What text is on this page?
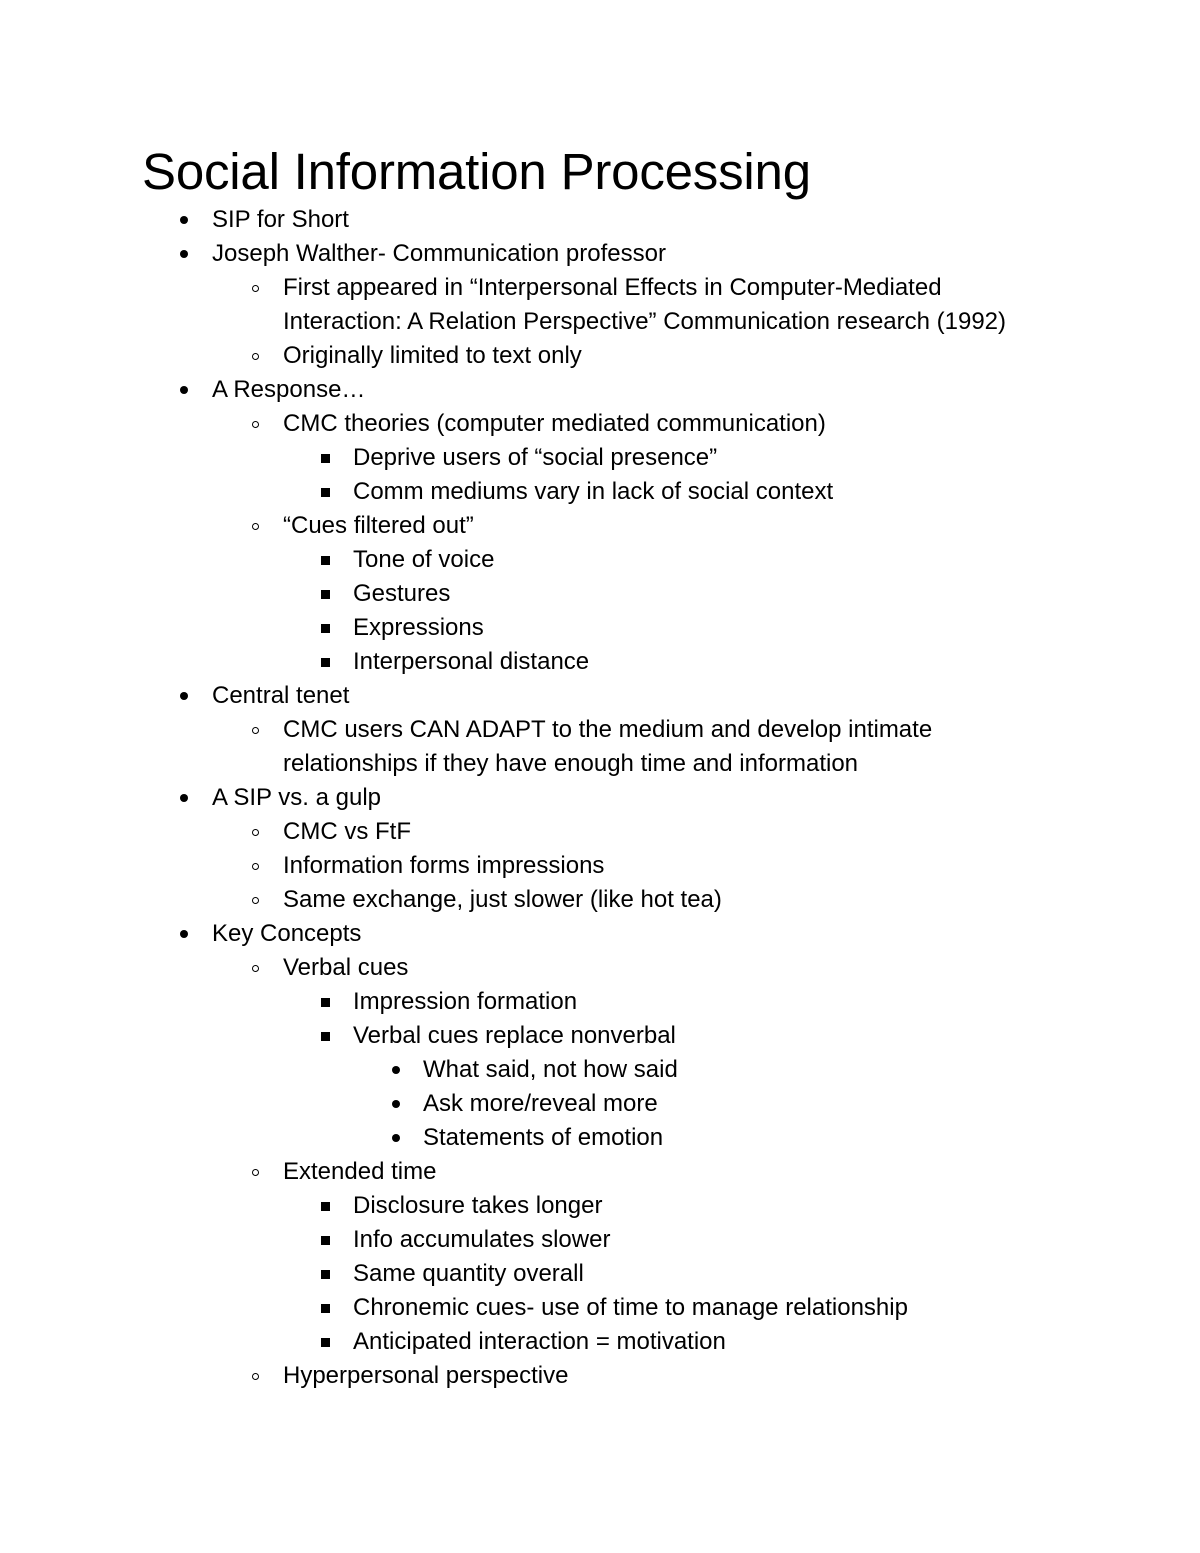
Social Information Processing
SIP for Short
Joseph Walther- Communication professor
First appeared in “Interpersonal Effects in Computer-Mediated Interaction: A Relation Perspective” Communication research (1992)
Originally limited to text only
A Response…
CMC theories (computer mediated communication)
Deprive users of “social presence”
Comm mediums vary in lack of social context
“Cues filtered out”
Tone of voice
Gestures
Expressions
Interpersonal distance
Central tenet
CMC users CAN ADAPT to the medium and develop intimate relationships if they have enough time and information
A SIP vs. a gulp
CMC vs FtF
Information forms impressions
Same exchange, just slower (like hot tea)
Key Concepts
Verbal cues
Impression formation
Verbal cues replace nonverbal
What said, not how said
Ask more/reveal more
Statements of emotion
Extended time
Disclosure takes longer
Info accumulates slower
Same quantity overall
Chronemic cues- use of time to manage relationship
Anticipated interaction = motivation
Hyperpersonal perspective
